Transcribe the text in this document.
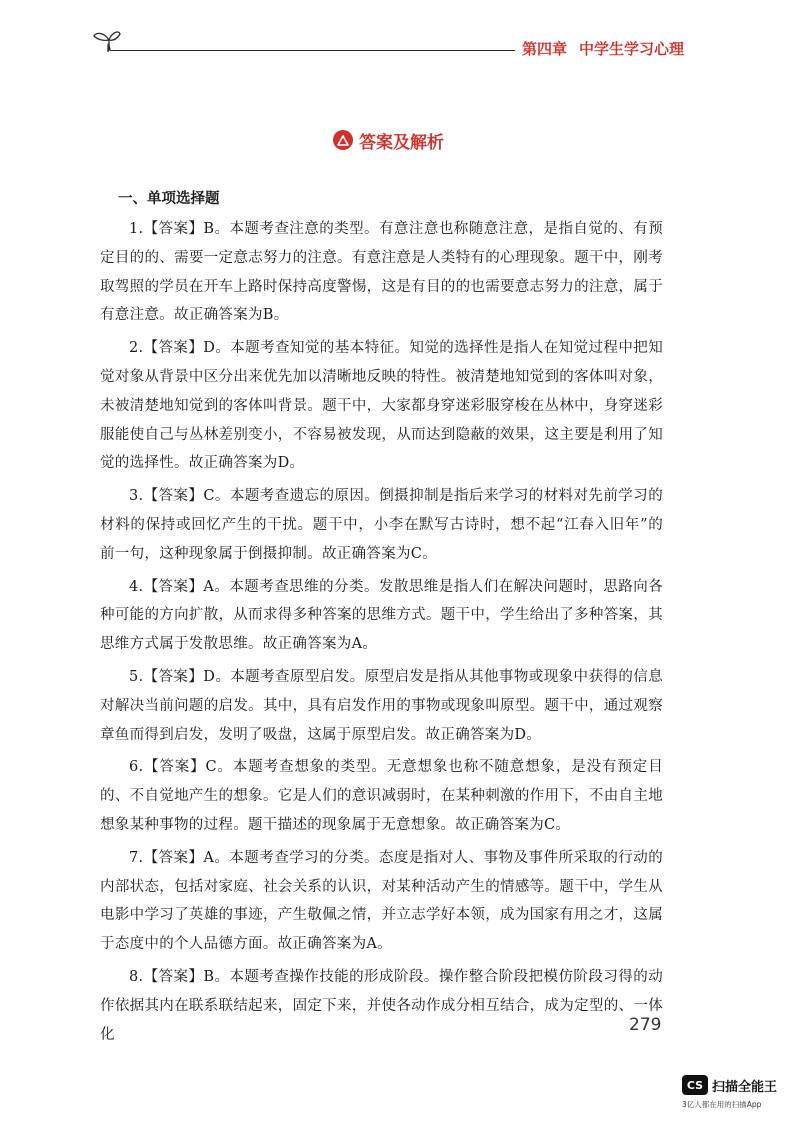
第四章 中学生学习心理
答案及解析
一、单项选择题

1.【答案】B。本题考查注意的类型。有意注意也称随意注意，是指自觉的、有预定目的的、需要一定意志努力的注意。有意注意是人类特有的心理现象。题干中，刚考取驾照的学员在开车上路时保持高度警惕，这是有目的的也需要意志努力的注意，属于有意注意。故正确答案为B。

2.【答案】D。本题考查知觉的基本特征。知觉的选择性是指人在知觉过程中把知觉对象从背景中区分出来优先加以清晰地反映的特性。被清楚地知觉到的客体叫对象，未被清楚地知觉到的客体叫背景。题干中，大家都身穿迷彩服穿梭在丛林中，身穿迷彩服能使自己与丛林差别变小，不容易被发现，从而达到隐蔽的效果，这主要是利用了知觉的选择性。故正确答案为D。

3.【答案】C。本题考查遗忘的原因。倒摄抑制是指后来学习的材料对先前学习的材料的保持或回忆产生的干扰。题干中，小李在默写古诗时，想不起“江春入旧年”的前一句，这种现象属于倒摄抑制。故正确答案为C。

4.【答案】A。本题考查思维的分类。发散思维是指人们在解决问题时，思路向各种可能的方向扩散，从而求得多种答案的思维方式。题干中，学生给出了多种答案，其思维方式属于发散思维。故正确答案为A。

5.【答案】D。本题考查原型启发。原型启发是指从其他事物或现象中获得的信息对解决当前问题的启发。其中，具有启发作用的事物或现象叫原型。题干中，通过观察章鱼而得到启发，发明了吸盘，这属于原型启发。故正确答案为D。

6.【答案】C。本题考查想象的类型。无意想象也称不随意想象，是没有预定目的、不自觉地产生的想象。它是人们的意识减弱时，在某种刺激的作用下，不由自主地想象某种事物的过程。题干描述的现象属于无意想象。故正确答案为C。

7.【答案】A。本题考查学习的分类。态度是指对人、事物及事件所采取的行动的内部状态，包括对家庭、社会关系的认识，对某种活动产生的情感等。题干中，学生从电影中学习了英雄的事迹，产生敬佩之情，并立志学好本领，成为国家有用之才，这属于态度中的个人品德方面。故正确答案为A。

8.【答案】B。本题考查操作技能的形成阶段。操作整合阶段把模仿阶段习得的动作依据其内在联系联结起来，固定下来，并使各动作成分相互结合，成为定型的、一体化	279
CS 扫描全能王
3亿人都在用的扫描App
